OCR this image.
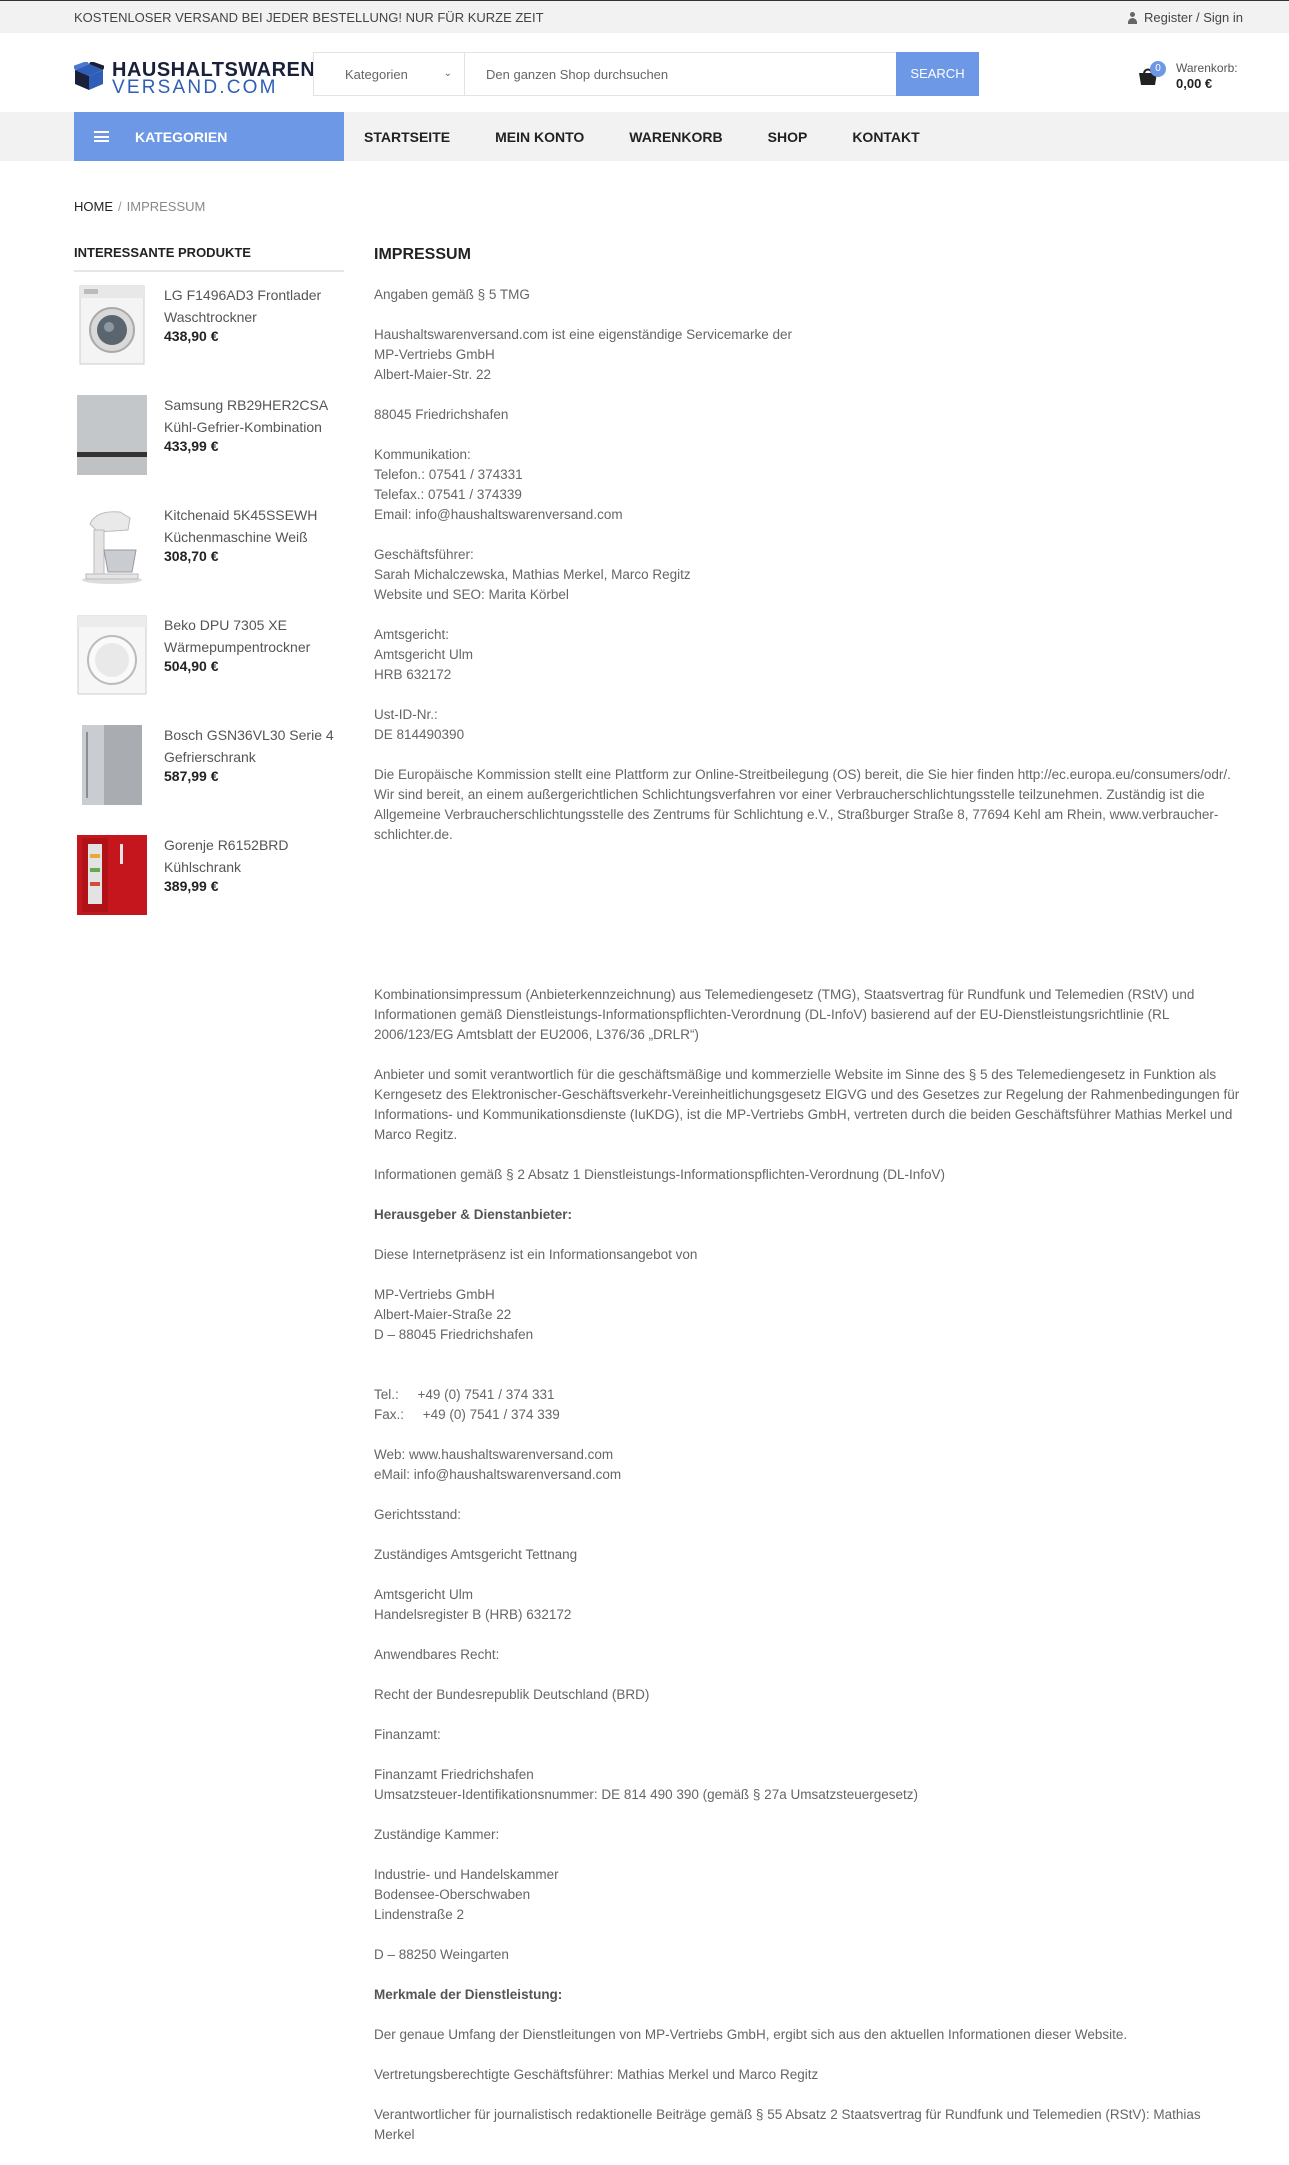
KOSTENLOSER VERSAND BEI JEDER BESTELLUNG! NUR FÜR KURZE ZEIT	Register / Sign in
HAUSHALTSWAREN
VERSAND.COM
Kategorien	⌄
Den ganzen Shop durchsuchen	SEARCH	0	Warenkorb:
0,00 €
KATEGORIEN	STARTSEITE	MEIN KONTO	WARENKORB	SHOP	KONTAKT
HOME / IMPRESSUM
INTERESSANTE PRODUKTE
LG F1496AD3 Frontlader Waschtrockner
438,90 €
Samsung RB29HER2CSA Kühl-Gefrier-Kombination
433,99 €
Kitchenaid 5K45SSEWH Küchenmaschine Weiß
308,70 €
Beko DPU 7305 XE Wärmepumpentrockner
504,90 €
Bosch GSN36VL30 Serie 4 Gefrierschrank
587,99 €
Gorenje R6152BRD Kühlschrank
389,99 €
IMPRESSUM

Angaben gemäß § 5 TMG

Haushaltswarenversand.com ist eine eigenständige Servicemarke der
MP-Vertriebs GmbH
Albert-Maier-Str. 22

88045 Friedrichshafen

Kommunikation:
Telefon.: 07541 / 374331
Telefax.: 07541 / 374339
Email: info@haushaltswarenversand.com

Geschäftsführer:
Sarah Michalczewska, Mathias Merkel, Marco Regitz
Website und SEO: Marita Körbel

Amtsgericht:
Amtsgericht Ulm
HRB 632172

Ust-ID-Nr.:
DE 814490390

Die Europäische Kommission stellt eine Plattform zur Online-Streitbeilegung (OS) bereit, die Sie hier finden http://ec.europa.eu/consumers/odr/. Wir sind bereit, an einem außergerichtlichen Schlichtungsverfahren vor einer Verbraucherschlichtungsstelle teilzunehmen. Zuständig ist die Allgemeine Verbraucherschlichtungsstelle des Zentrums für Schlichtung e.V., Straßburger Straße 8, 77694 Kehl am Rhein, www.verbraucher-schlichter.de.

Kombinationsimpressum (Anbieterkennzeichnung) aus Telemediengesetz (TMG), Staatsvertrag für Rundfunk und Telemedien (RStV) und Informationen gemäß Dienstleistungs-Informationspflichten-Verordnung (DL-InfoV) basierend auf der EU-Dienstleistungsrichtlinie (RL 2006/123/EG Amtsblatt der EU2006, L376/36 „DRLR“)

Anbieter und somit verantwortlich für die geschäftsmäßige und kommerzielle Website im Sinne des § 5 des Telemediengesetz in Funktion als Kerngesetz des Elektronischer-Geschäftsverkehr-Vereinheitlichungsgesetz ElGVG und des Gesetzes zur Regelung der Rahmenbedingungen für Informations- und Kommunikationsdienste (IuKDG), ist die MP-Vertriebs GmbH, vertreten durch die beiden Geschäftsführer Mathias Merkel und Marco Regitz.

Informationen gemäß § 2 Absatz 1 Dienstleistungs-Informationspflichten-Verordnung (DL-InfoV)

Herausgeber & Dienstanbieter:

Diese Internetpräsenz ist ein Informationsangebot von

MP-Vertriebs GmbH
Albert-Maier-Straße 22
D – 88045 Friedrichshafen

Tel.:     +49 (0) 7541 / 374 331
Fax.:     +49 (0) 7541 / 374 339

Web: www.haushaltswarenversand.com
eMail: info@haushaltswarenversand.com

Gerichtsstand:

Zuständiges Amtsgericht Tettnang

Amtsgericht Ulm
Handelsregister B (HRB) 632172

Anwendbares Recht:

Recht der Bundesrepublik Deutschland (BRD)

Finanzamt:

Finanzamt Friedrichshafen
Umsatzsteuer-Identifikationsnummer: DE 814 490 390 (gemäß § 27a Umsatzsteuergesetz)

Zuständige Kammer:

Industrie- und Handelskammer
Bodensee-Oberschwaben
Lindenstraße 2

D – 88250 Weingarten

Merkmale der Dienstleistung:

Der genaue Umfang der Dienstleitungen von MP-Vertriebs GmbH, ergibt sich aus den aktuellen Informationen dieser Website.

Vertretungsberechtigte Geschäftsführer: Mathias Merkel und Marco Regitz

Verantwortlicher für journalistisch redaktionelle Beiträge gemäß § 55 Absatz 2 Staatsvertrag für Rundfunk und Telemedien (RStV): Mathias Merkel
